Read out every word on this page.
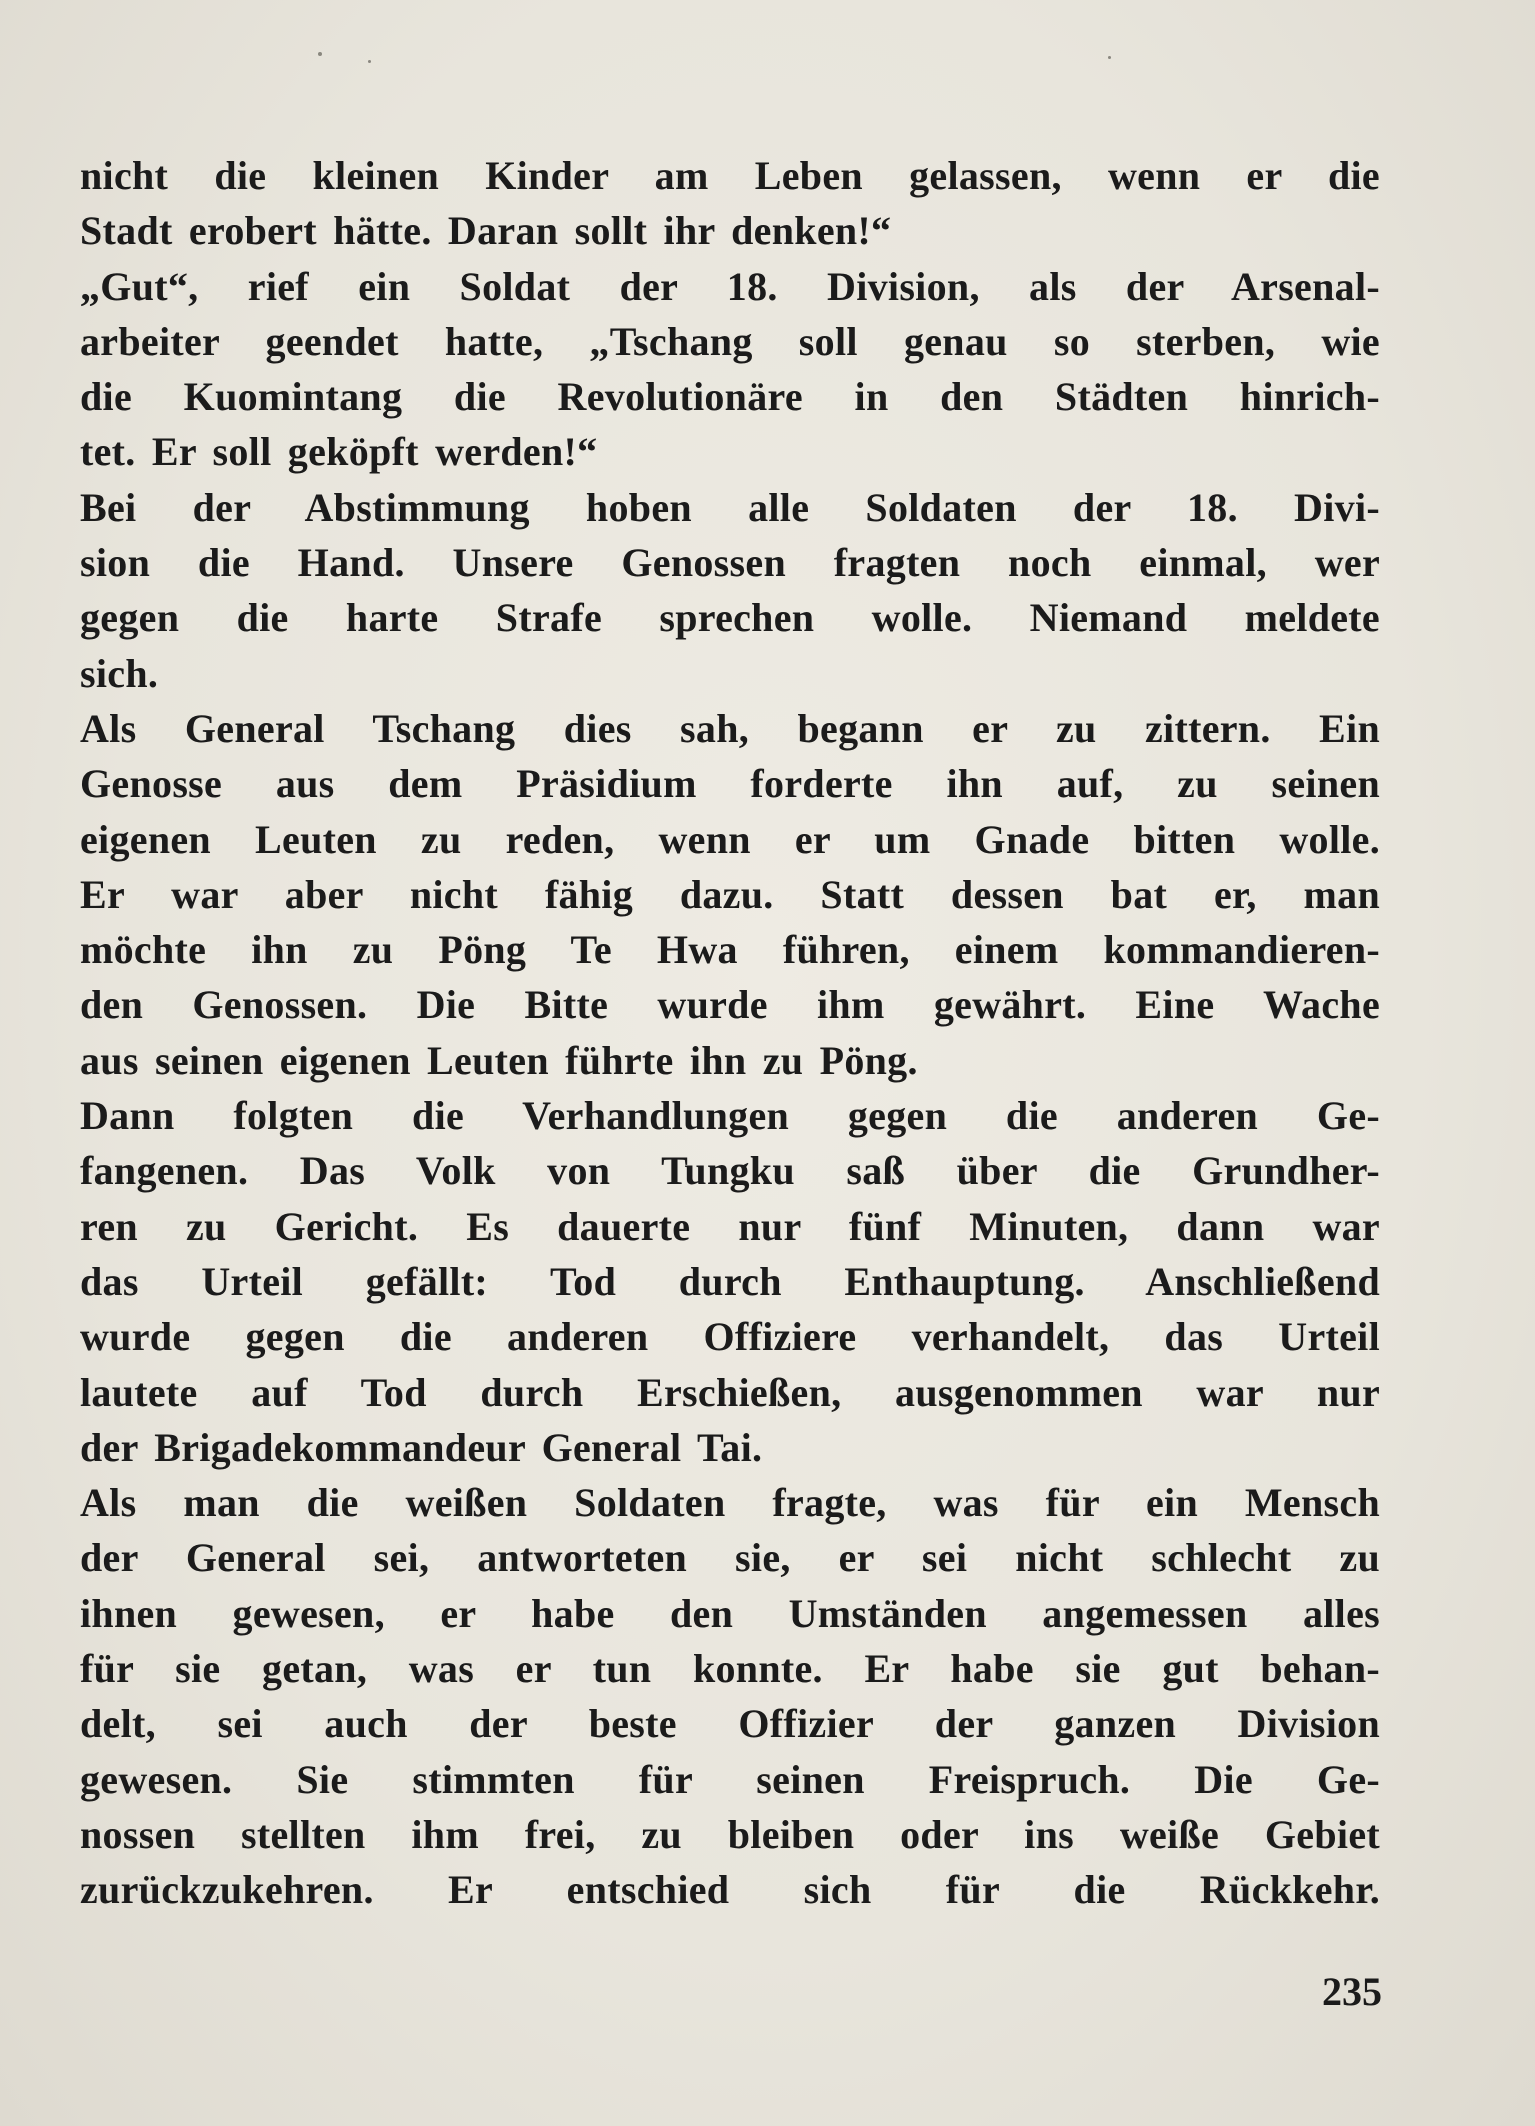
nicht die kleinen Kinder am Leben gelassen, wenn er die
Stadt erobert hätte. Daran sollt ihr denken!“
„Gut“, rief ein Soldat der 18. Division, als der Arsenal-
arbeiter geendet hatte, „Tschang soll genau so sterben, wie
die Kuomintang die Revolutionäre in den Städten hinrich-
tet. Er soll geköpft werden!“
Bei der Abstimmung hoben alle Soldaten der 18. Divi-
sion die Hand. Unsere Genossen fragten noch einmal, wer
gegen die harte Strafe sprechen wolle. Niemand meldete
sich.
Als General Tschang dies sah, begann er zu zittern. Ein
Genosse aus dem Präsidium forderte ihn auf, zu seinen
eigenen Leuten zu reden, wenn er um Gnade bitten wolle.
Er war aber nicht fähig dazu. Statt dessen bat er, man
möchte ihn zu Pöng Te Hwa führen, einem kommandieren-
den Genossen. Die Bitte wurde ihm gewährt. Eine Wache
aus seinen eigenen Leuten führte ihn zu Pöng.
Dann folgten die Verhandlungen gegen die anderen Ge-
fangenen. Das Volk von Tungku saß über die Grundher-
ren zu Gericht. Es dauerte nur fünf Minuten, dann war
das Urteil gefällt: Tod durch Enthauptung. Anschließend
wurde gegen die anderen Offiziere verhandelt, das Urteil
lautete auf Tod durch Erschießen, ausgenommen war nur
der Brigadekommandeur General Tai.
Als man die weißen Soldaten fragte, was für ein Mensch
der General sei, antworteten sie, er sei nicht schlecht zu
ihnen gewesen, er habe den Umständen angemessen alles
für sie getan, was er tun konnte. Er habe sie gut behan-
delt, sei auch der beste Offizier der ganzen Division
gewesen. Sie stimmten für seinen Freispruch. Die Ge-
nossen stellten ihm frei, zu bleiben oder ins weiße Gebiet
zurückzukehren. Er entschied sich für die Rückkehr.
235
